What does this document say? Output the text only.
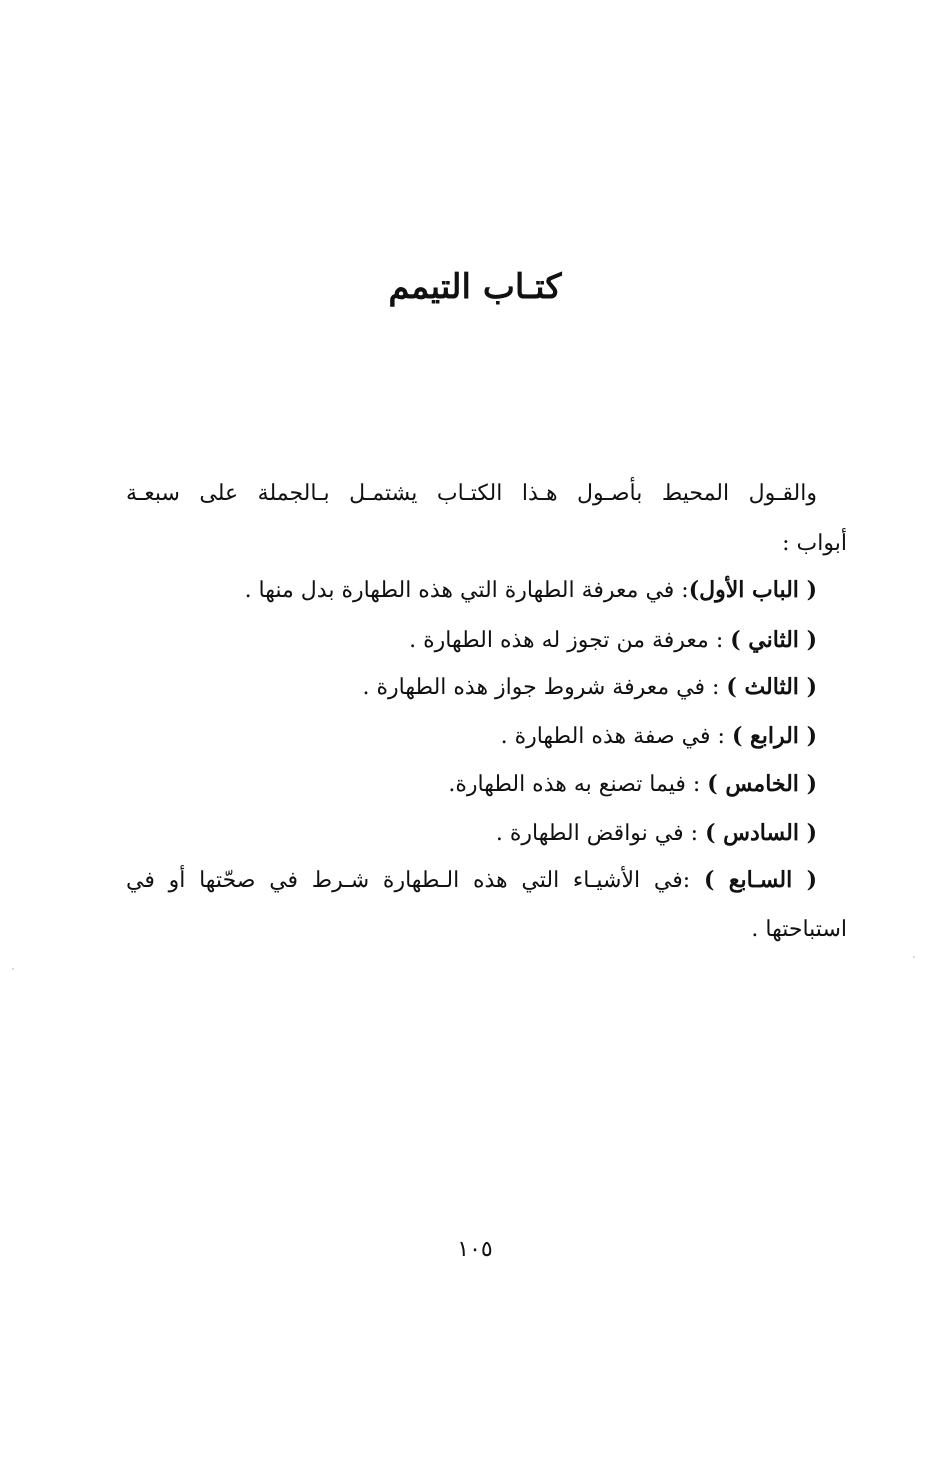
كتـاب التيمم
والقـول المحيط بأصـول هـذا الكتـاب يشتمـل بـالجملة على سبعـة
أبواب :
( الباب الأول): في معرفة الطهارة التي هذه الطهارة بدل منها .
( الثاني ) : معرفة من تجوز له هذه الطهارة .
( الثالث ) : في معرفة شروط جواز هذه الطهارة .
( الرابع ) : في صفة هذه الطهارة .
( الخامس ) : فيما تصنع به هذه الطهارة.
( السادس ) : في نواقض الطهارة .
( السـابع ) :في الأشيـاء التي هذه الـطهارة شـرط في صحّتها أو في
استباحتها .
١٠٥
